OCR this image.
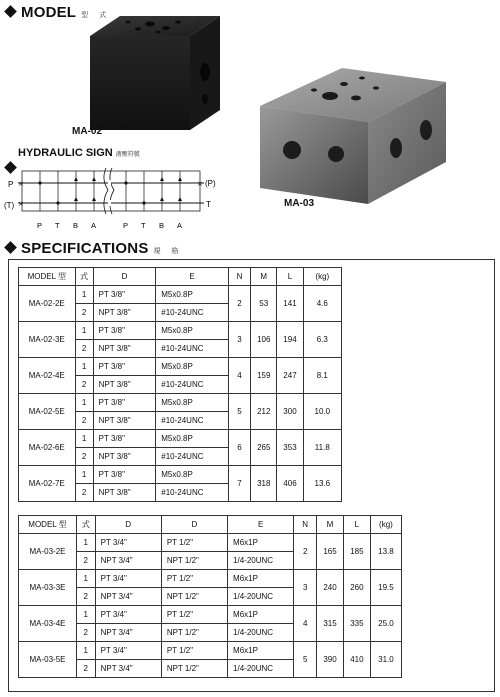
MODEL 型 式
MA-02
MA-03
HYDRAULIC SIGN 液壓符號
P
(T)
(P)
T
×
×
×
P T B A	P T B A
SPECIFICATIONS 規 格
MODEL 型	式	D	E	N	M	L	(kg)
MA-02-2E	1	PT 3/8"	M5x0.8P	2	53	141	4.6
	2	NPT 3/8"	#10-24UNC				
MA-02-3E	1	PT 3/8"	M5x0.8P	3	106	194	6.3
	2	NPT 3/8"	#10-24UNC				
MA-02-4E	1	PT 3/8"	M5x0.8P	4	159	247	8.1
	2	NPT 3/8"	#10-24UNC				
MA-02-5E	1	PT 3/8"	M5x0.8P	5	212	300	10.0
	2	NPT 3/8"	#10-24UNC				
MA-02-6E	1	PT 3/8"	M5x0.8P	6	265	353	11.8
	2	NPT 3/8"	#10-24UNC				
MA-02-7E	1	PT 3/8"	M5x0.8P	7	318	406	13.6
	2	NPT 3/8"	#10-24UNC				
MODEL 型	式	D	D	E	N	M	L	(kg)
MA-03-2E	1	PT 3/4"	PT 1/2"	M6x1P	2	165	185	13.8
	2	NPT 3/4"	NPT 1/2"	1/4-20UNC				
MA-03-3E	1	PT 3/4"	PT 1/2"	M6x1P	3	240	260	19.5
	2	NPT 3/4"	NPT 1/2"	1/4-20UNC				
MA-03-4E	1	PT 3/4"	PT 1/2"	M6x1P	4	315	335	25.0
	2	NPT 3/4"	NPT 1/2"	1/4-20UNC				
MA-03-5E	1	PT 3/4"	PT 1/2"	M6x1P	5	390	410	31.0
	2	NPT 3/4"	NPT 1/2"	1/4-20UNC				
